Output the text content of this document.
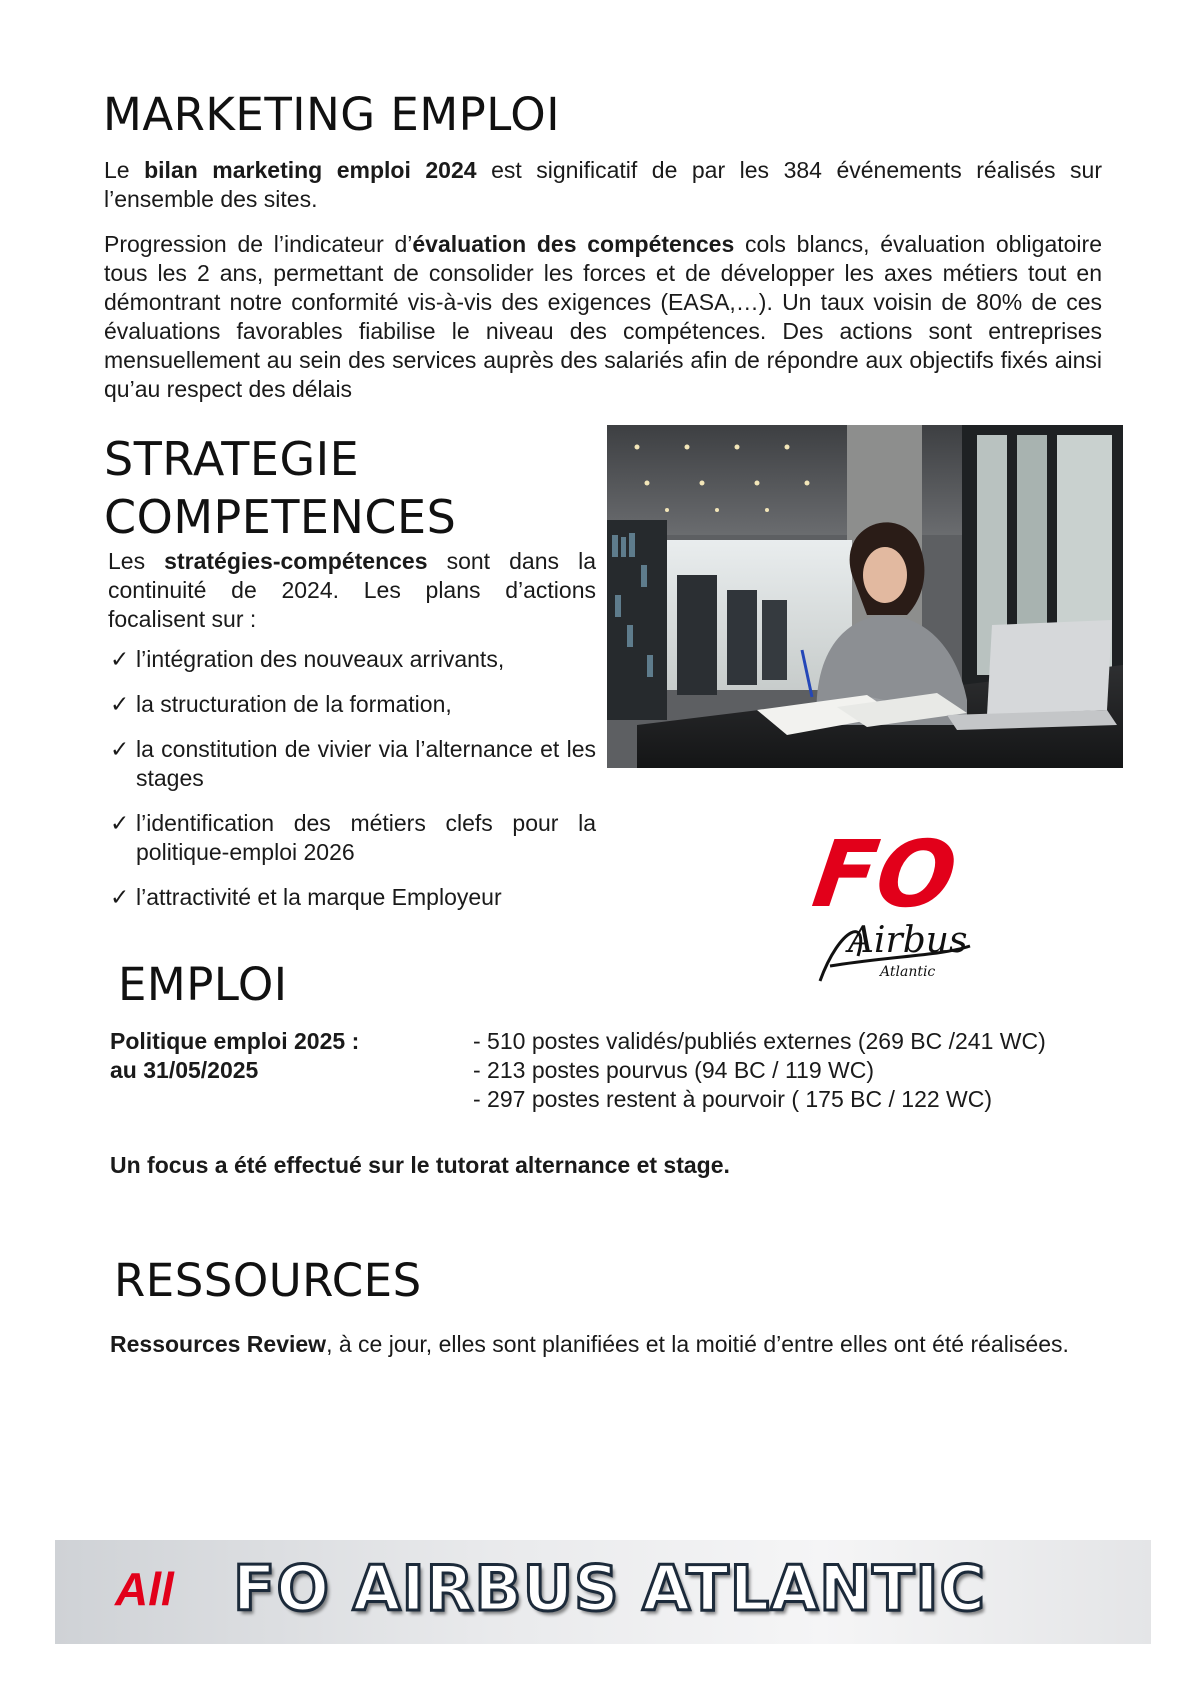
MARKETING EMPLOI

Le bilan marketing emploi 2024 est significatif de par les 384 événements réalisés sur l’ensemble des sites.

Progression de l’indicateur d’évaluation des compétences cols blancs, évaluation obligatoire tous les 2 ans, permettant de consolider les forces et de développer les axes métiers tout en démontrant notre conformité vis-à-vis des exigences (EASA,…). Un taux voisin de 80% de ces évaluations favorables fiabilise le niveau des compétences. Des actions sont entreprises mensuellement au sein des services auprès des salariés afin de répondre aux objectifs fixés ainsi qu’au respect des délais

STRATEGIE
COMPETENCES

Les stratégies-compétences sont dans la continuité de 2024. Les plans d’actions focalisent sur :

✓ l’intégration des nouveaux arrivants,
✓ la structuration de la formation,
✓ la constitution de vivier via l’alternance et les stages
✓ l’identification des métiers clefs pour la politique-emploi 2026
✓ l’attractivité et la marque Employeur	FO
Airbus
Atlantic
EMPLOI
Politique emploi 2025 :
au 31/05/2025
- 510 postes validés/publiés externes (269 BC /241 WC)
- 213 postes pourvus (94 BC / 119 WC)
- 297 postes restent à pourvoir ( 175 BC / 122 WC)
Un focus a été effectué sur le tutorat alternance et stage.
RESSOURCES

Ressources Review, à ce jour, elles sont planifiées et la moitié d’entre elles ont été réalisées.

All FO AIRBUS ATLANTIC
